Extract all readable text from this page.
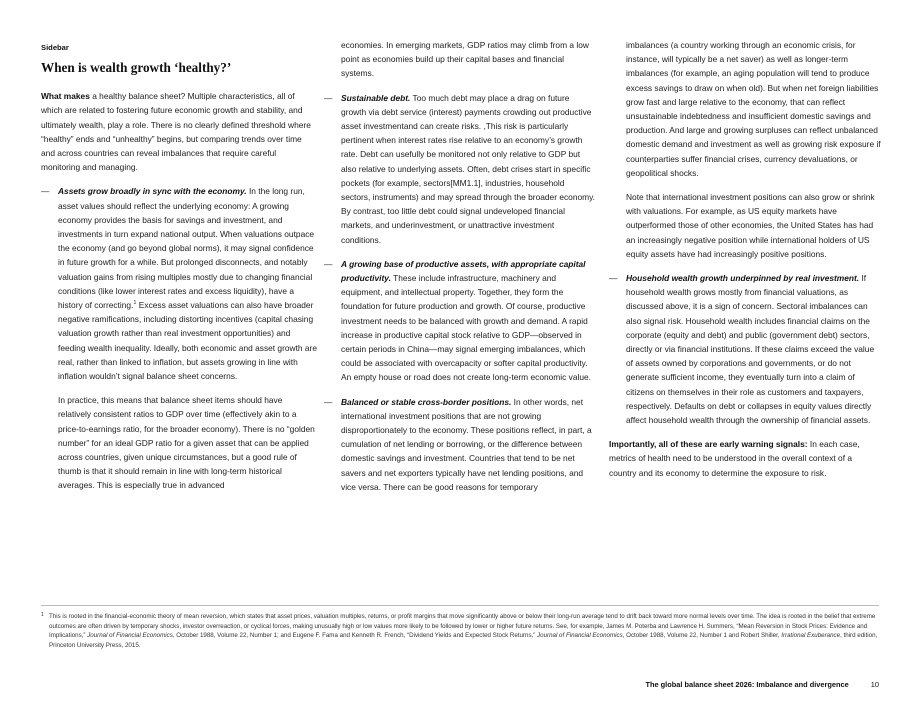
Sidebar
When is wealth growth ‘healthy?’

What makes a healthy balance sheet? Multiple characteristics, all of which are related to fostering future economic growth and stability, and ultimately wealth, play a role. There is no clearly defined threshold where “healthy” ends and “unhealthy” begins, but comparing trends over time and across countries can reveal imbalances that require careful monitoring and managing.

— Assets grow broadly in sync with the economy. In the long run, asset values should reflect the underlying economy: A growing economy provides the basis for savings and investment, and investments in turn expand national output. When valuations outpace the economy (and go beyond global norms), it may signal confidence in future growth for a while. But prolonged disconnects, and notably valuation gains from rising multiples mostly due to changing financial conditions (like lower interest rates and excess liquidity), have a history of correcting.$^1$ Excess asset valuations can also have broader negative ramifications, including distorting incentives (capital chasing valuation growth rather than real investment opportunities) and feeding wealth inequality. Ideally, both economic and asset growth are real, rather than linked to inflation, but assets growing in line with inflation wouldn’t signal balance sheet concerns.

In practice, this means that balance sheet items should have relatively consistent ratios to GDP over time (effectively akin to a price-to-earnings ratio, for the broader economy). There is no “golden number” for an ideal GDP ratio for a given asset that can be applied across countries, given unique circumstances, but a good rule of thumb is that it should remain in line with long-term historical averages. This is especially true in advanced

economies. In emerging markets, GDP ratios may climb from a low point as economies build up their capital bases and financial systems.

— Sustainable debt. Too much debt may place a drag on future growth via debt service (interest) payments crowding out productive asset investmentand can create risks. ,This risk is particularly pertinent when interest rates rise relative to an economy’s growth rate. Debt can usefully be monitored not only relative to GDP but also relative to underlying assets. Often, debt crises start in specific pockets (for example, sectors[MM1.1], industries, household sectors, instruments) and may spread through the broader economy. By contrast, too little debt could signal undeveloped financial markets, and underinvestment, or unattractive investment conditions.
— A growing base of productive assets, with appropriate capital productivity. These include infrastructure, machinery and equipment, and intellectual property. Together, they form the foundation for future production and growth. Of course, productive investment needs to be balanced with growth and demand. A rapid increase in productive capital stock relative to GDP—observed in certain periods in China—may signal emerging imbalances, which could be associated with overcapacity or softer capital productivity. An empty house or road does not create long-term economic value.
— Balanced or stable cross-border positions. In other words, net international investment positions that are not growing disproportionately to the economy. These positions reflect, in part, a cumulation of net lending or borrowing, or the difference between domestic savings and investment. Countries that tend to be net savers and net exporters typically have net lending positions, and vice versa. There can be good reasons for temporary

imbalances (a country working through an economic crisis, for instance, will typically be a net saver) as well as longer-term imbalances (for example, an aging population will tend to produce excess savings to draw on when old). But when net foreign liabilities grow fast and large relative to the economy, that can reflect unsustainable indebtedness and insufficient domestic savings and production. And large and growing surpluses can reflect unbalanced domestic demand and investment as well as growing risk exposure if counterparties suffer financial crises, currency devaluations, or geopolitical shocks.

Note that international investment positions can also grow or shrink with valuations. For example, as US equity markets have outperformed those of other economies, the United States has had an increasingly negative position while international holders of US equity assets have had increasingly positive positions.

— Household wealth growth underpinned by real investment. If household wealth grows mostly from financial valuations, as discussed above, it is a sign of concern. Sectoral imbalances can also signal risk. Household wealth includes financial claims on the corporate (equity and debt) and public (government debt) sectors, directly or via financial institutions. If these claims exceed the value of assets owned by corporations and governments, or do not generate sufficient income, they eventually turn into a claim of citizens on themselves in their role as customers and taxpayers, respectively. Defaults on debt or collapses in equity values directly affect household wealth through the ownership of financial assets.

Importantly, all of these are early warning signals: In each case, metrics of health need to be understood in the overall context of a country and its economy to determine the exposure to risk.

1 This is rooted in the financial-economic theory of mean reversion, which states that asset prices, valuation multiples, returns, or profit margins that move significantly above or below their long-run average tend to drift back toward more normal levels over time. The idea is rooted in the belief that extreme outcomes are often driven by temporary shocks, investor overreaction, or cyclical forces, making unusually high or low values more likely to be followed by lower or higher future returns. See, for example, James M. Poterba and Lawrence H. Summers, “Mean Reversion in Stock Prices: Evidence and Implications,” Journal of Financial Economics, October 1988, Volume 22, Number 1; and Eugene F. Fama and Kenneth R. French, “Dividend Yields and Expected Stock Returns,” Journal of Financial Economics, October 1988, Volume 22, Number 1 and Robert Shiller, Irrational Exuberance, third edition, Princeton University Press, 2015.
The global balance sheet 2026: Imbalance and divergence	10
